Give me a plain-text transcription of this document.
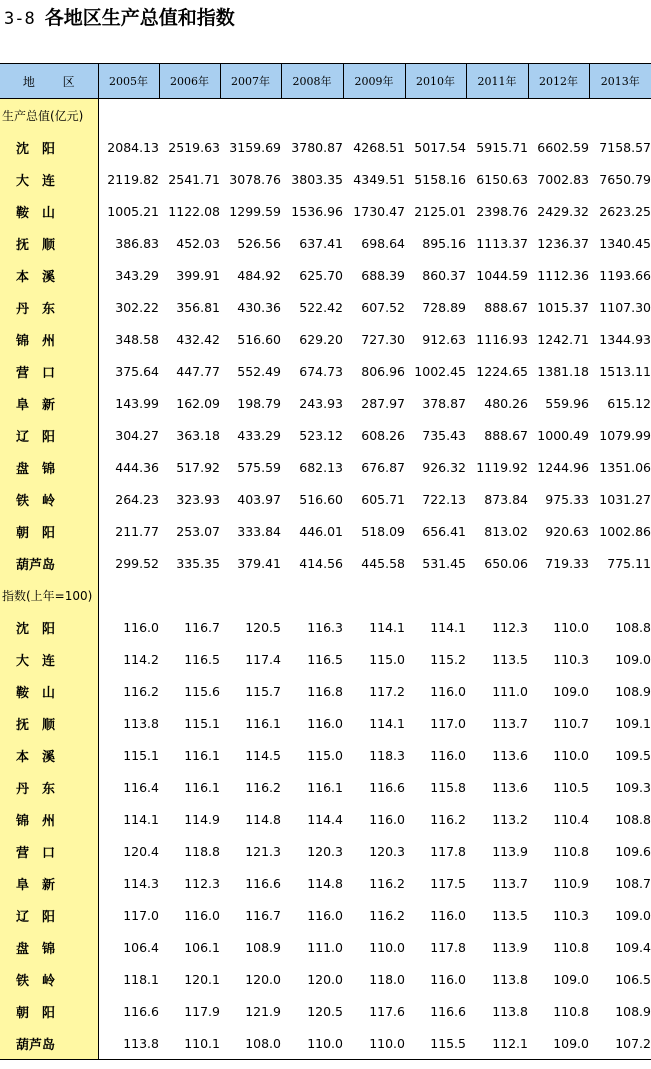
3-8 各地区生产总值和指数
地 区	2005年	2006年	2007年	2008年	2009年	2010年	2011年	2012年	2013年
生产总值(亿元)									
沈　阳	2084.13	2519.63	3159.69	3780.87	4268.51	5017.54	5915.71	6602.59	7158.57
大　连	2119.82	2541.71	3078.76	3803.35	4349.51	5158.16	6150.63	7002.83	7650.79
鞍　山	1005.21	1122.08	1299.59	1536.96	1730.47	2125.01	2398.76	2429.32	2623.25
抚　顺	386.83	452.03	526.56	637.41	698.64	895.16	1113.37	1236.37	1340.45
本　溪	343.29	399.91	484.92	625.70	688.39	860.37	1044.59	1112.36	1193.66
丹　东	302.22	356.81	430.36	522.42	607.52	728.89	888.67	1015.37	1107.30
锦　州	348.58	432.42	516.60	629.20	727.30	912.63	1116.93	1242.71	1344.93
营　口	375.64	447.77	552.49	674.73	806.96	1002.45	1224.65	1381.18	1513.11
阜　新	143.99	162.09	198.79	243.93	287.97	378.87	480.26	559.96	615.12
辽　阳	304.27	363.18	433.29	523.12	608.26	735.43	888.67	1000.49	1079.99
盘　锦	444.36	517.92	575.59	682.13	676.87	926.32	1119.92	1244.96	1351.06
铁　岭	264.23	323.93	403.97	516.60	605.71	722.13	873.84	975.33	1031.27
朝　阳	211.77	253.07	333.84	446.01	518.09	656.41	813.02	920.63	1002.86
葫芦岛	299.52	335.35	379.41	414.56	445.58	531.45	650.06	719.33	775.11
指数(上年=100)									
沈　阳	116.0	116.7	120.5	116.3	114.1	114.1	112.3	110.0	108.8
大　连	114.2	116.5	117.4	116.5	115.0	115.2	113.5	110.3	109.0
鞍　山	116.2	115.6	115.7	116.8	117.2	116.0	111.0	109.0	108.9
抚　顺	113.8	115.1	116.1	116.0	114.1	117.0	113.7	110.7	109.1
本　溪	115.1	116.1	114.5	115.0	118.3	116.0	113.6	110.0	109.5
丹　东	116.4	116.1	116.2	116.1	116.6	115.8	113.6	110.5	109.3
锦　州	114.1	114.9	114.8	114.4	116.0	116.2	113.2	110.4	108.8
营　口	120.4	118.8	121.3	120.3	120.3	117.8	113.9	110.8	109.6
阜　新	114.3	112.3	116.6	114.8	116.2	117.5	113.7	110.9	108.7
辽　阳	117.0	116.0	116.7	116.0	116.2	116.0	113.5	110.3	109.0
盘　锦	106.4	106.1	108.9	111.0	110.0	117.8	113.9	110.8	109.4
铁　岭	118.1	120.1	120.0	120.0	118.0	116.0	113.8	109.0	106.5
朝　阳	116.6	117.9	121.9	120.5	117.6	116.6	113.8	110.8	108.9
葫芦岛	113.8	110.1	108.0	110.0	110.0	115.5	112.1	109.0	107.2
